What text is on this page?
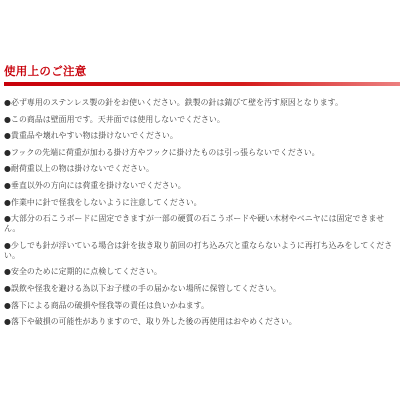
使用上のご注意
●必ず専用のステンレス製の針をお使いください。鉄製の針は錆びて壁を汚す原因となります。
●この商品は壁面用です。天井面では使用しないでください。
●貴重品や壊れやすい物は掛けないでください。
●フックの先端に荷重が加わる掛け方やフックに掛けたものは引っ張らないでください。
●耐荷重以上の物は掛けないでください。
●垂直以外の方向には荷重を掛けないでください。
●作業中に針で怪我をしないように注意してください。
●大部分の石こうボードに固定できますが一部の硬質の石こうボードや硬い木材やベニヤには固定できません。
●少しでも針が浮いている場合は針を抜き取り前回の打ち込み穴と重ならないように再打ち込みをしてください。
●安全のために定期的に点検してください。
●誤飲や怪我を避ける為以下お子様の手の届かない場所に保管してください。
●落下による商品の破損や怪我等の責任は負いかねます。
●落下や破損の可能性がありますので、取り外した後の再使用はおやめください。
